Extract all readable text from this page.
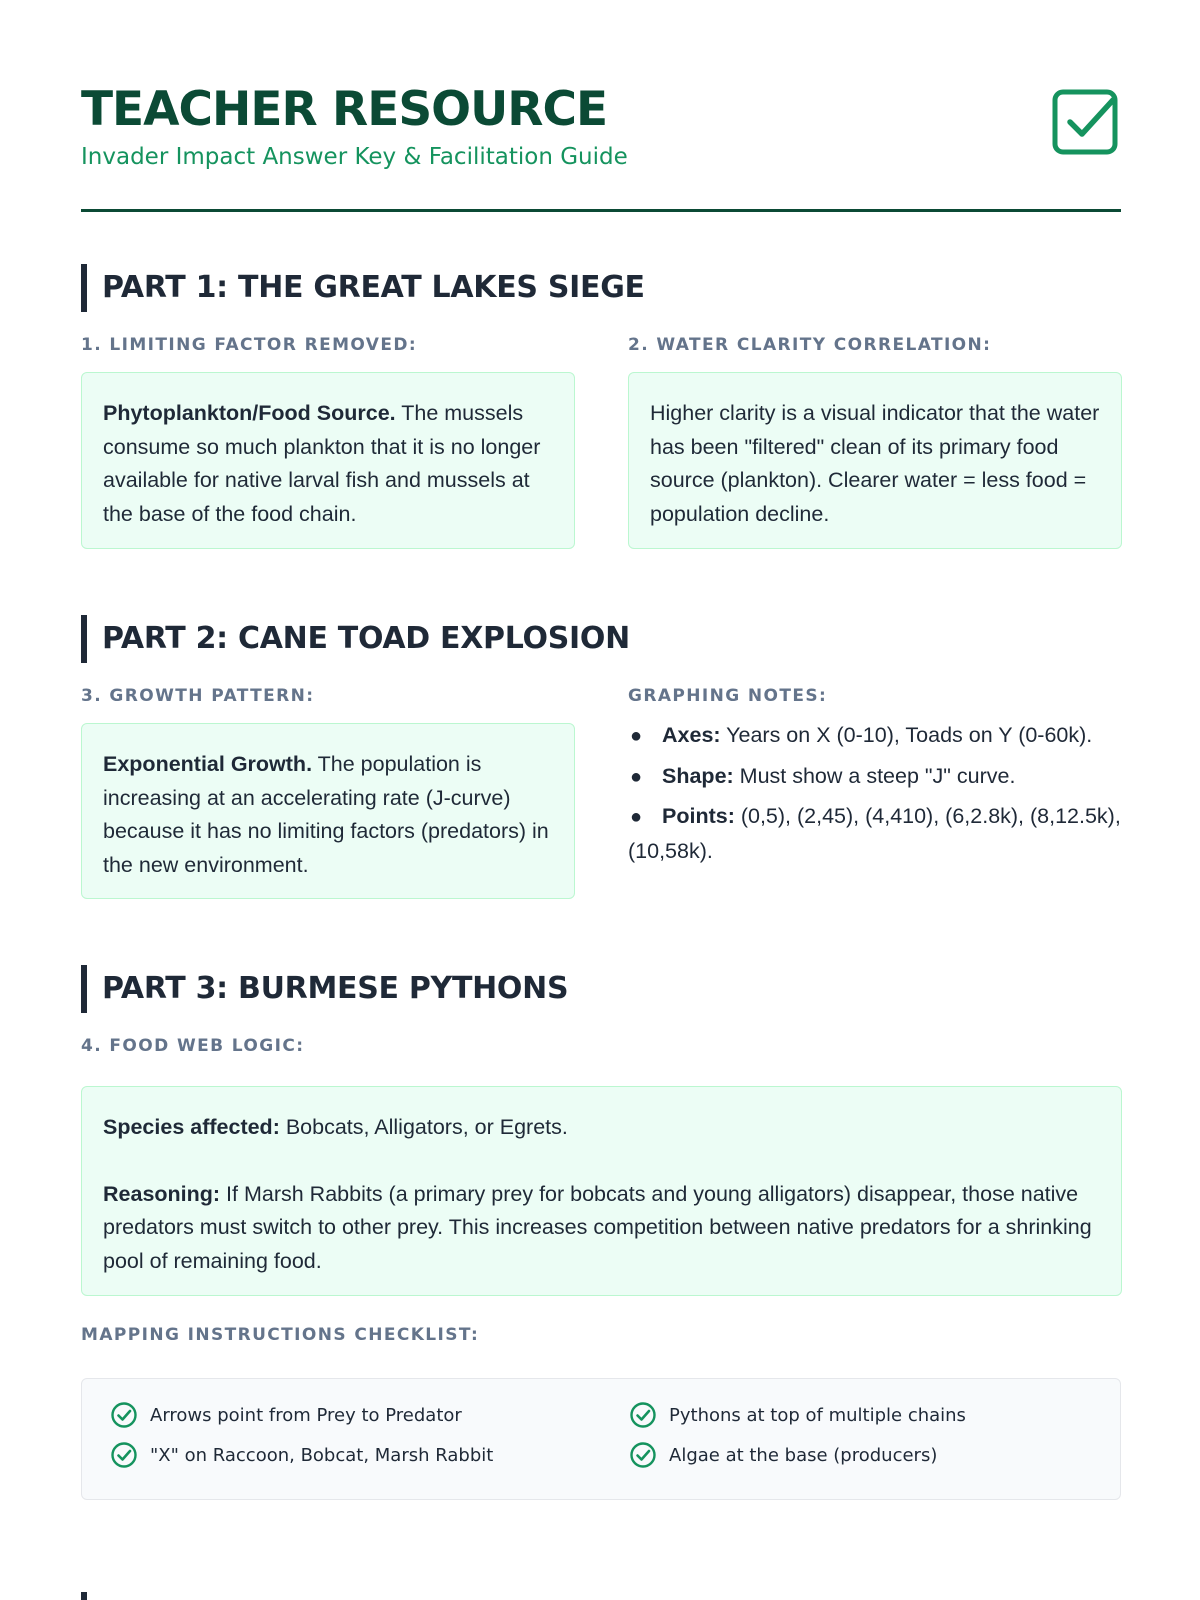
TEACHER RESOURCE
Invader Impact Answer Key & Facilitation Guide
PART 1: THE GREAT LAKES SIEGE
1. LIMITING FACTOR REMOVED:
Phytoplankton/Food Source. The mussels consume so much plankton that it is no longer available for native larval fish and mussels at the base of the food chain.
2. WATER CLARITY CORRELATION:
Higher clarity is a visual indicator that the water has been "filtered" clean of its primary food source (plankton). Clearer water = less food = population decline.
PART 2: CANE TOAD EXPLOSION
3. GROWTH PATTERN:
Exponential Growth. The population is increasing at an accelerating rate (J-curve) because it has no limiting factors (predators) in the new environment.
GRAPHING NOTES:
● Axes: Years on X (0-10), Toads on Y (0-60k).
● Shape: Must show a steep "J" curve.
● Points: (0,5), (2,45), (4,410), (6,2.8k), (8,12.5k), (10,58k).
PART 3: BURMESE PYTHONS
4. FOOD WEB LOGIC:
Species affected: Bobcats, Alligators, or Egrets.
Reasoning: If Marsh Rabbits (a primary prey for bobcats and young alligators) disappear, those native predators must switch to other prey. This increases competition between native predators for a shrinking pool of remaining food.
MAPPING INSTRUCTIONS CHECKLIST:
Arrows point from Prey to Predator	Pythons at top of multiple chains
"X" on Raccoon, Bobcat, Marsh Rabbit	Algae at the base (producers)
